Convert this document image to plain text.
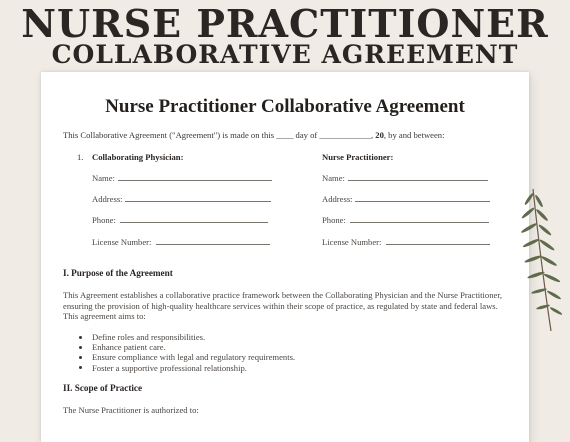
NURSE PRACTITIONER
COLLABORATIVE AGREEMENT
Nurse Practitioner Collaborative Agreement
This Collaborative Agreement ("Agreement") is made on this ____ day of ____________, 20, by and between:
1. Collaborating Physician:	Nurse Practitioner:
Name:
Address:
Phone:
License Number:
Name:
Address:
Phone:
License Number:
I. Purpose of the Agreement
This Agreement establishes a collaborative practice framework between the Collaborating Physician and the Nurse Practitioner, ensuring the provision of high-quality healthcare services within their scope of practice, as regulated by state and federal laws. This agreement aims to:
Define roles and responsibilities.
Enhance patient care.
Ensure compliance with legal and regulatory requirements.
Foster a supportive professional relationship.
II. Scope of Practice
The Nurse Practitioner is authorized to:
